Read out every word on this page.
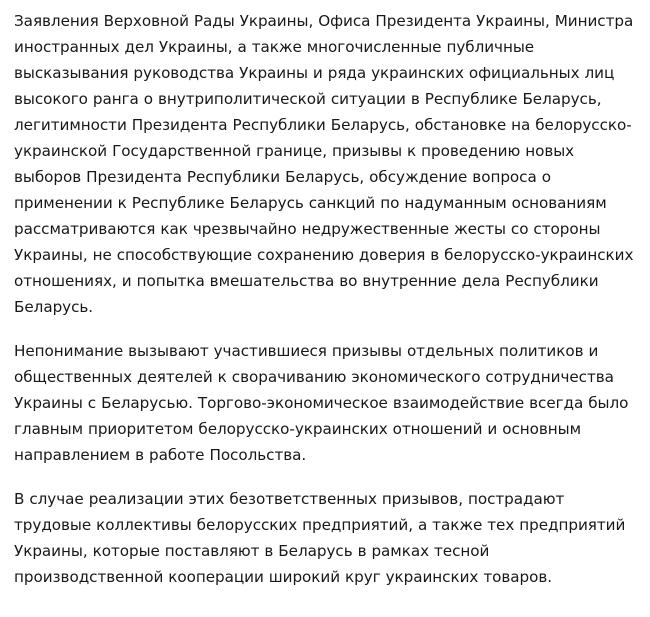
Заявления Верховной Рады Украины, Офиса Президента Украины, Министра иностранных дел Украины, а также многочисленные публичные высказывания руководства Украины и ряда украинских официальных лиц высокого ранга о внутриполитической ситуации в Республике Беларусь, легитимности Президента Республики Беларусь, обстановке на белорусско-украинской Государственной границе, призывы к проведению новых выборов Президента Республики Беларусь, обсуждение вопроса о применении к Республике Беларусь санкций по надуманным основаниям рассматриваются как чрезвычайно недружественные жесты со стороны Украины, не способствующие сохранению доверия в белорусско-украинских отношениях, и попытка вмешательства во внутренние дела Республики Беларусь.

Непонимание вызывают участившиеся призывы отдельных политиков и общественных деятелей к сворачиванию экономического сотрудничества Украины с Беларусью. Торгово-экономическое взаимодействие всегда было главным приоритетом белорусско-украинских отношений и основным направлением в работе Посольства.

В случае реализации этих безответственных призывов, пострадают трудовые коллективы белорусских предприятий, а также тех предприятий Украины, которые поставляют в Беларусь в рамках тесной производственной кооперации широкий круг украинских товаров.
